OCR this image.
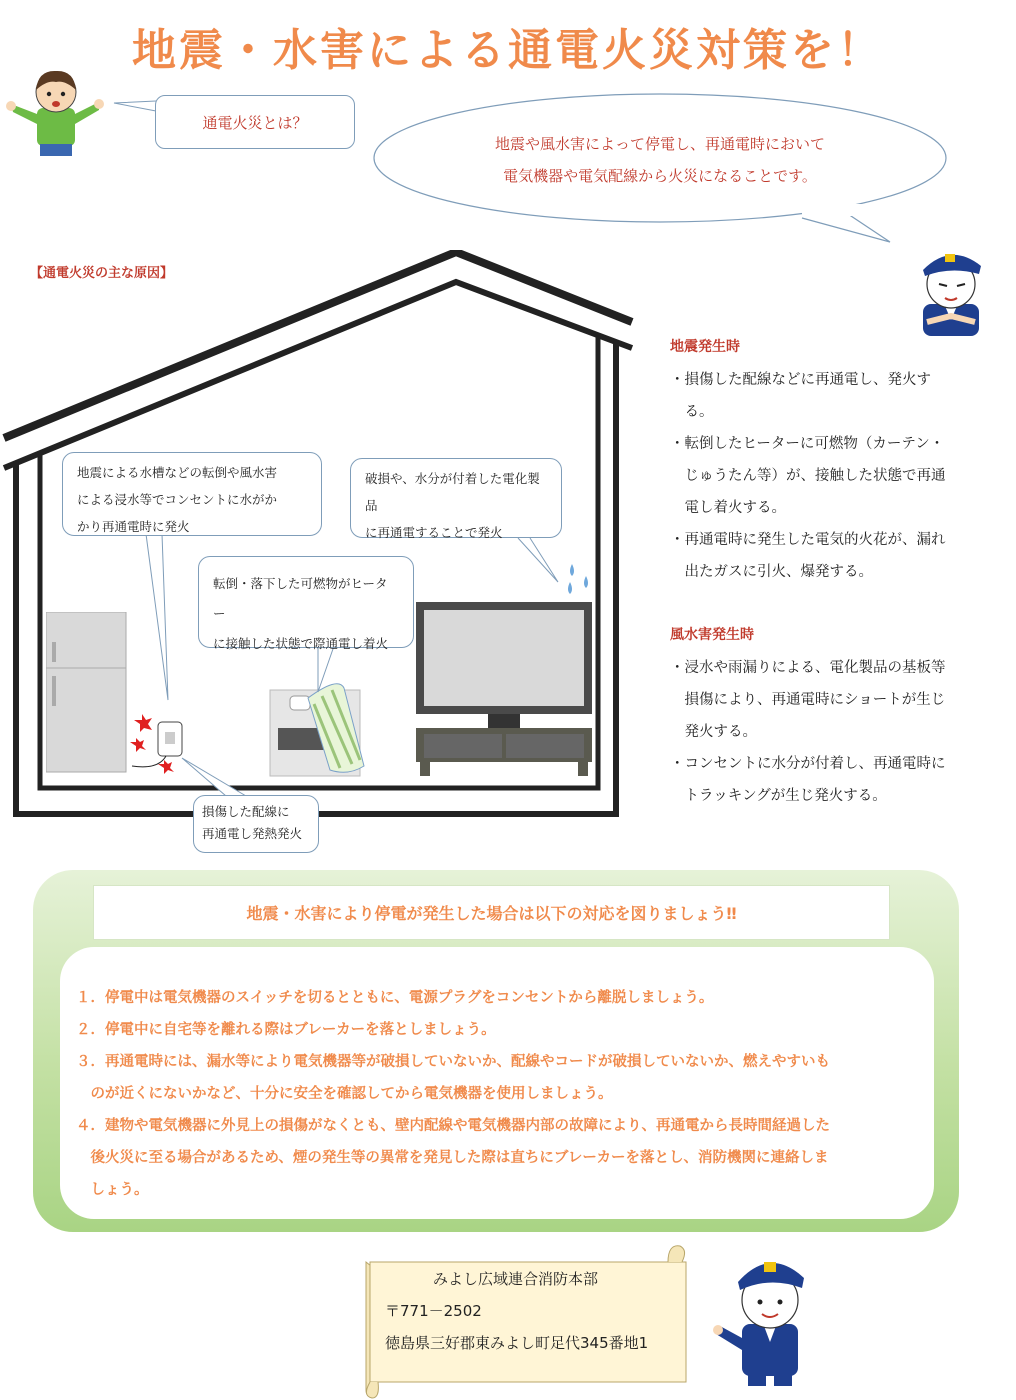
地震・水害による通電火災対策を！
通電火災とは？
地震や風水害によって停電し、再通電時において
電気機器や電気配線から火災になることです。
【通電火災の主な原因】
地震による水槽などの転倒や風水害
による浸水等でコンセントに水がか
かり再通電時に発火
破損や、水分が付着した電化製品
に再通電することで発火
転倒・落下した可燃物がヒーター
に接触した状態で際通電し着火
損傷した配線に
再通電し発熱発火
地震発生時
・損傷した配線などに再通電し、発火す
　る。
・転倒したヒーターに可燃物（カーテン・
　じゅうたん等）が、接触した状態で再通
　電し着火する。
・再通電時に発生した電気的火花が、漏れ
　出たガスに引火、爆発する。
風水害発生時
・浸水や雨漏りによる、電化製品の基板等
　損傷により、再通電時にショートが生じ
　発火する。
・コンセントに水分が付着し、再通電時に
　トラッキングが生じ発火する。
地震・水害により停電が発生した場合は以下の対応を図りましょう‼
１．停電中は電気機器のスイッチを切るとともに、電源プラグをコンセントから離脱しましょう。
２．停電中に自宅等を離れる際はブレーカーを落としましょう。
３．再通電時には、漏水等により電気機器等が破損していないか、配線やコードが破損していないか、燃えやすいも
　のが近くにないかなど、十分に安全を確認してから電気機器を使用しましょう。
４．建物や電気機器に外見上の損傷がなくとも、壁内配線や電気機器内部の故障により、再通電から長時間経過した
　後火災に至る場合があるため、煙の発生等の異常を発見した際は直ちにブレーカーを落とし、消防機関に連絡しま
　しょう。
みよし広域連合消防本部
〒771－2502
徳島県三好郡東みよし町足代345番地1
